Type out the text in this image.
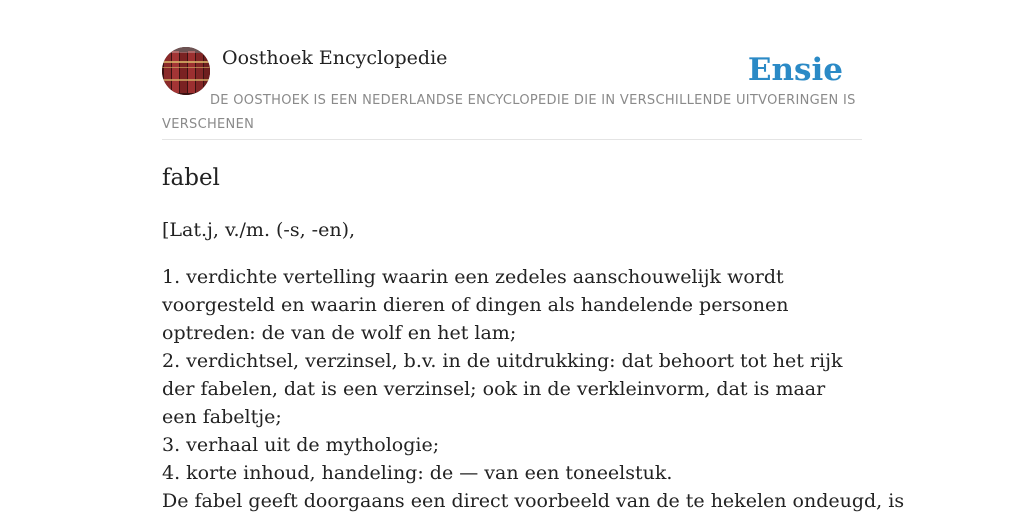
Oosthoek Encyclopedie	Ensie
DE OOSTHOEK IS EEN NEDERLANDSE ENCYCLOPEDIE DIE IN VERSCHILLENDE UITVOERINGEN IS VERSCHENEN
fabel

[Lat.j, v./m. (-s, -en),

1. verdichte vertelling waarin een zedeles aanschouwelijk wordt voorgesteld en waarin dieren of dingen als handelende personen optreden: de van de wolf en het lam;
2. verdichtsel, verzinsel, b.v. in de uitdrukking: dat behoort tot het rijk der fabelen, dat is een verzinsel; ook in de verkleinvorm, dat is maar een fabeltje;
3. verhaal uit de mythologie;
4. korte inhoud, handeling: de — van een toneelstuk.

De fabel geeft doorgaans een direct voorbeeld van de te hekelen ondeugd, is
